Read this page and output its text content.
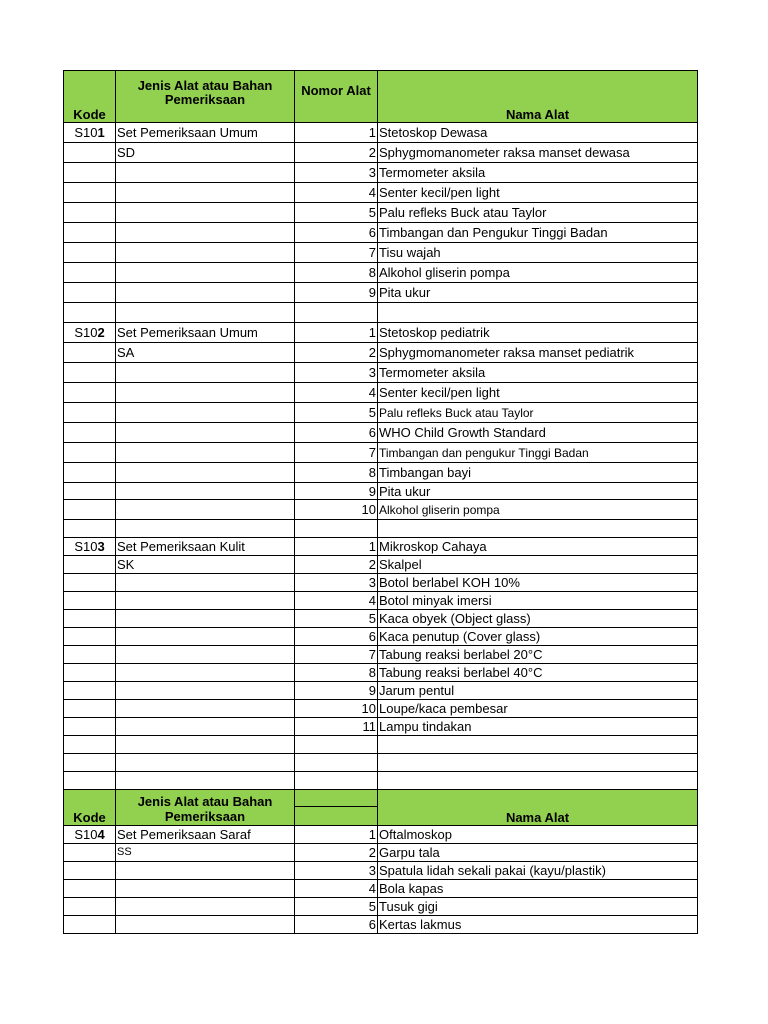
Kode	Jenis Alat atau Bahan Pemeriksaan	Nomor Alat	Nama Alat
S101	Set Pemeriksaan Umum	1	Stetoskop Dewasa
	SD	2	Sphygmomanometer raksa manset dewasa
		3	Termometer aksila
		4	Senter kecil/pen light
		5	Palu refleks Buck atau Taylor
		6	Timbangan dan Pengukur Tinggi Badan
		7	Tisu wajah
		8	Alkohol gliserin pompa
		9	Pita ukur

S102	Set Pemeriksaan Umum	1	Stetoskop pediatrik
	SA	2	Sphygmomanometer raksa manset pediatrik
		3	Termometer aksila
		4	Senter kecil/pen light
		5	Palu refleks Buck atau Taylor
		6	WHO Child Growth Standard
		7	Timbangan dan pengukur Tinggi Badan
		8	Timbangan bayi
		9	Pita ukur
		10	Alkohol gliserin pompa

S103	Set Pemeriksaan Kulit	1	Mikroskop Cahaya
	SK	2	Skalpel
		3	Botol berlabel KOH 10%
		4	Botol minyak imersi
		5	Kaca obyek (Object glass)
		6	Kaca penutup (Cover glass)
		7	Tabung reaksi berlabel 20°C
		8	Tabung reaksi berlabel 40°C
		9	Jarum pentul
		10	Loupe/kaca pembesar
		11	Lampu tindakan

Kode	Jenis Alat atau Bahan Pemeriksaan		Nama Alat
S104	Set Pemeriksaan Saraf	1	Oftalmoskop
	SS	2	Garpu tala
		3	Spatula lidah sekali pakai (kayu/plastik)
		4	Bola kapas
		5	Tusuk gigi
		6	Kertas lakmus
